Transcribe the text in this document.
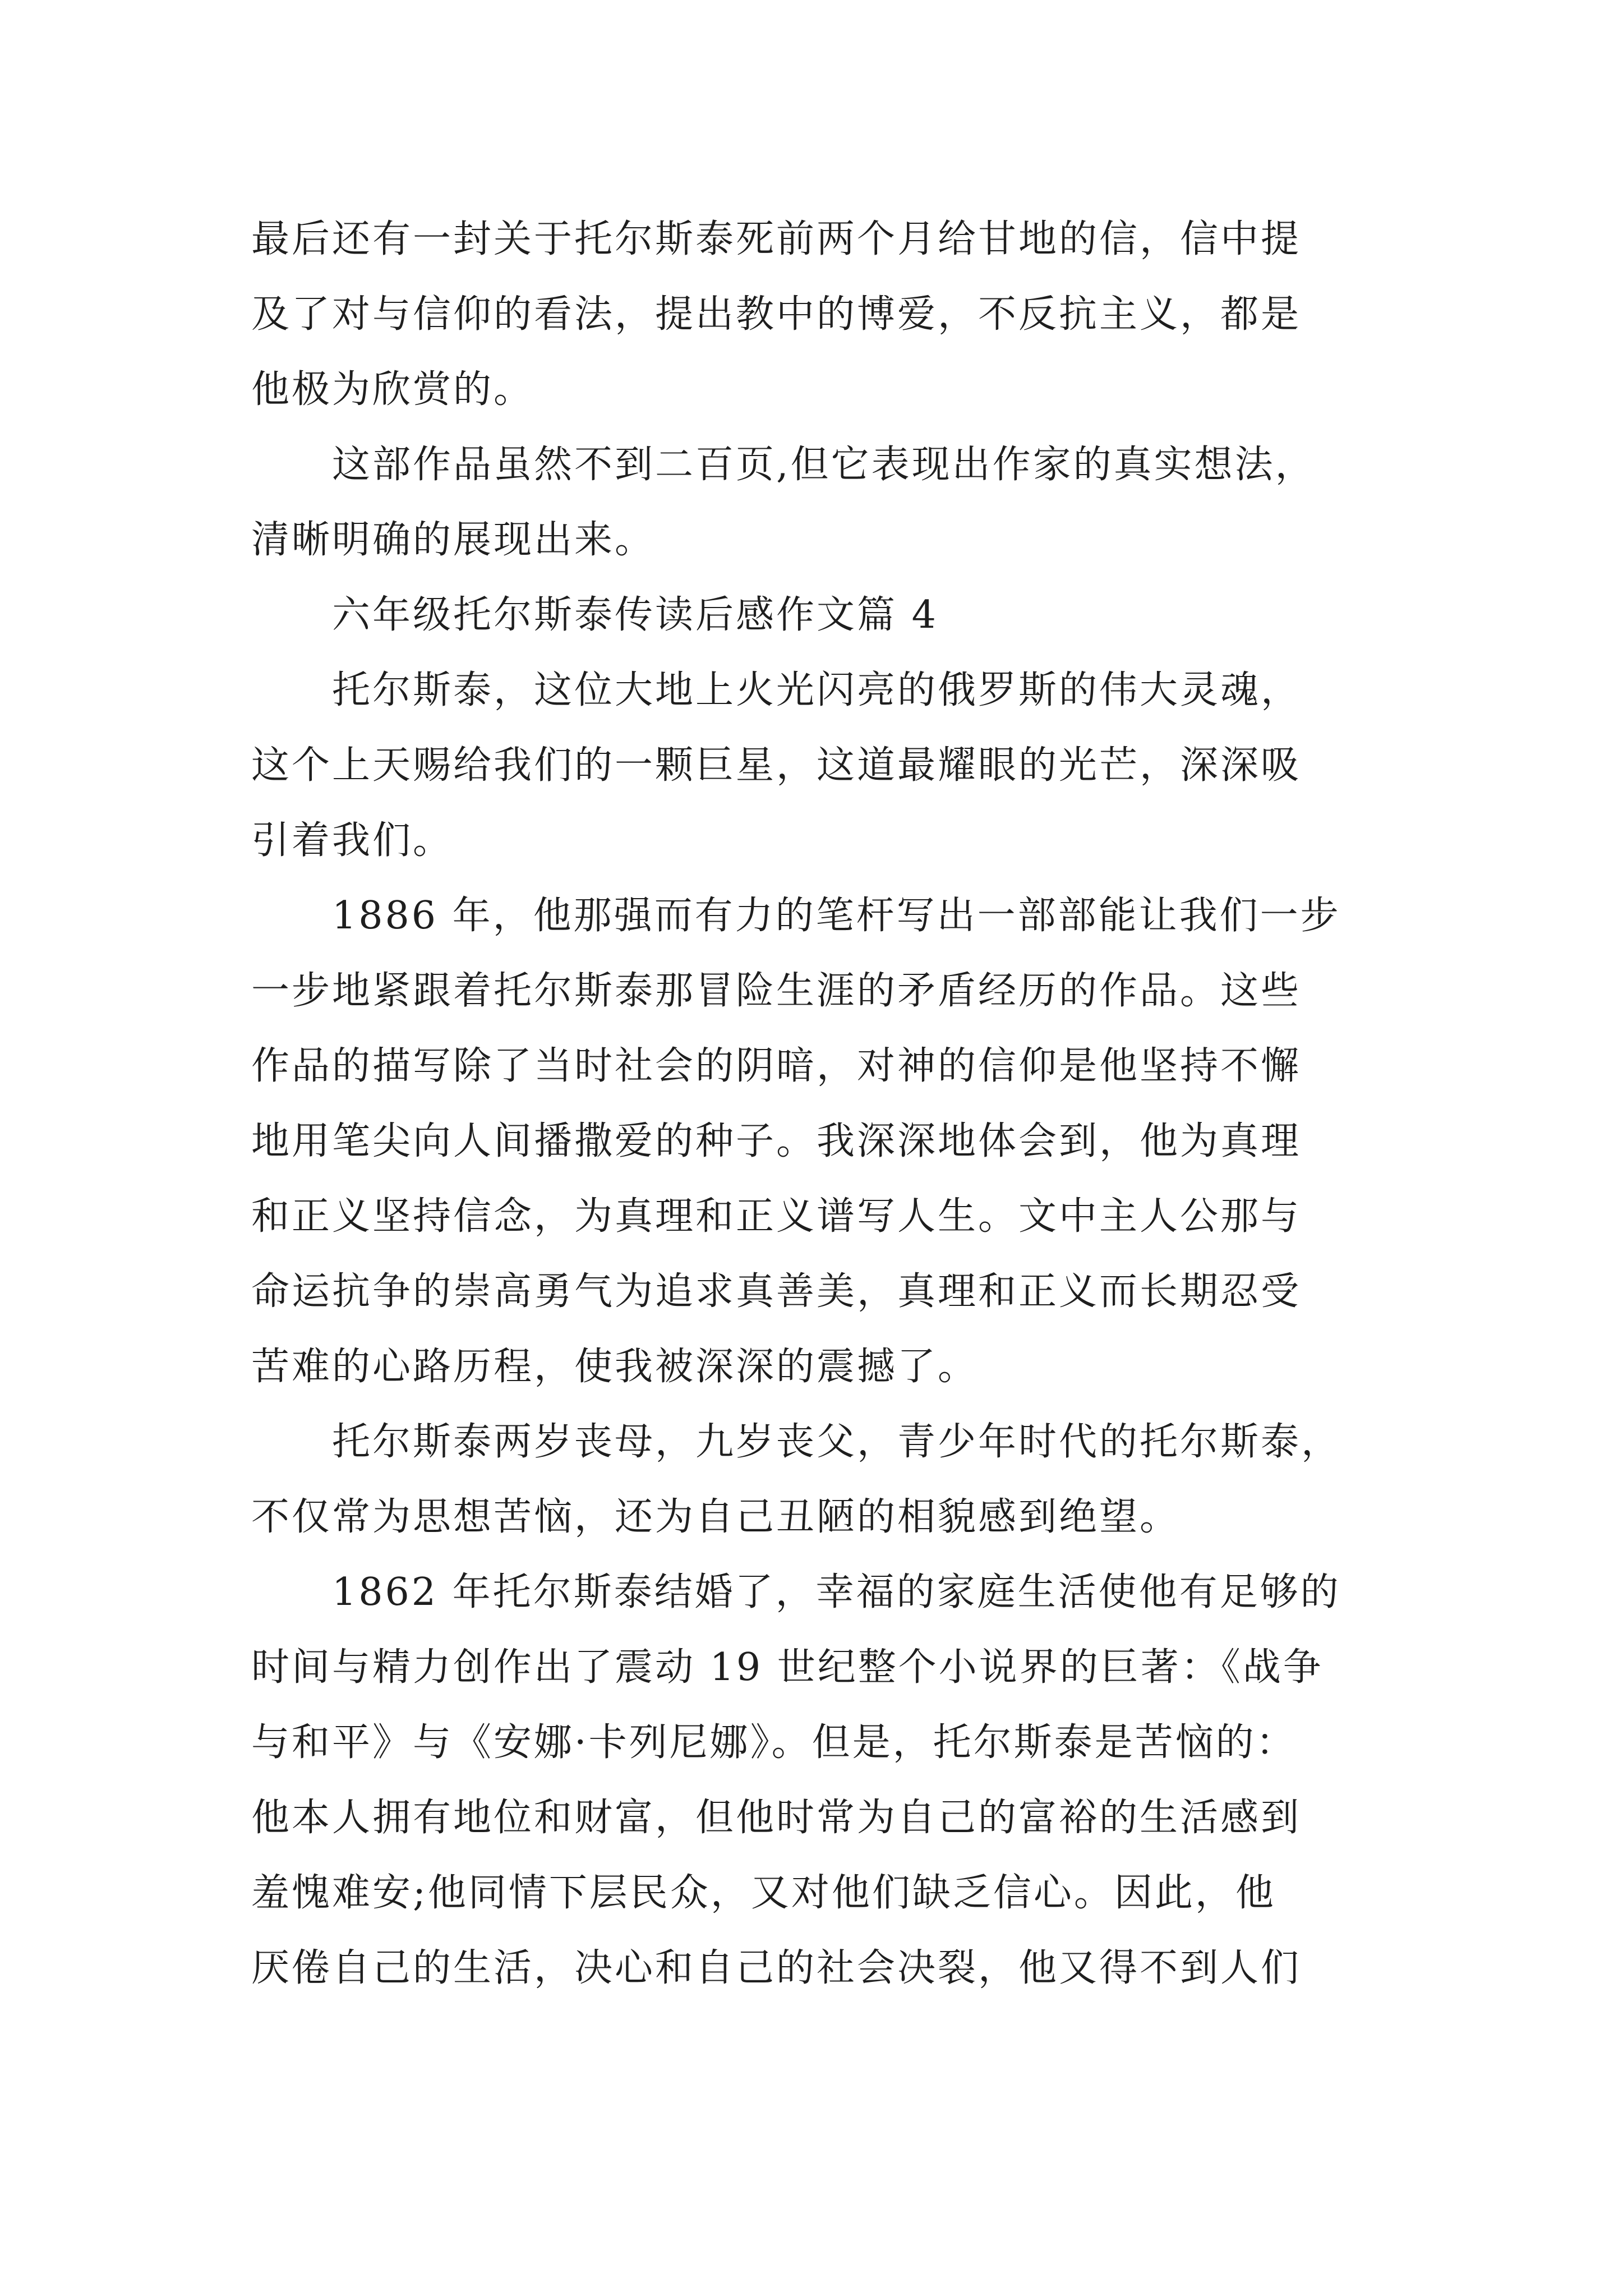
最后还有一封关于托尔斯泰死前两个月给甘地的信，信中提
及了对与信仰的看法，提出教中的博爱，不反抗主义，都是
他极为欣赏的。

这部作品虽然不到二百页,但它表现出作家的真实想法，
清晰明确的展现出来。

六年级托尔斯泰传读后感作文篇 4

托尔斯泰，这位大地上火光闪亮的俄罗斯的伟大灵魂，
这个上天赐给我们的一颗巨星，这道最耀眼的光芒，深深吸
引着我们。

1886 年，他那强而有力的笔杆写出一部部能让我们一步
一步地紧跟着托尔斯泰那冒险生涯的矛盾经历的作品。这些
作品的描写除了当时社会的阴暗，对神的信仰是他坚持不懈
地用笔尖向人间播撒爱的种子。我深深地体会到，他为真理
和正义坚持信念，为真理和正义谱写人生。文中主人公那与
命运抗争的崇高勇气为追求真善美，真理和正义而长期忍受
苦难的心路历程，使我被深深的震撼了。

托尔斯泰两岁丧母，九岁丧父，青少年时代的托尔斯泰，
不仅常为思想苦恼，还为自己丑陋的相貌感到绝望。

1862 年托尔斯泰结婚了，幸福的家庭生活使他有足够的
时间与精力创作出了震动 19 世纪整个小说界的巨著：《战争
与和平》与《安娜·卡列尼娜》。但是，托尔斯泰是苦恼的：
他本人拥有地位和财富，但他时常为自己的富裕的生活感到
羞愧难安;他同情下层民众，又对他们缺乏信心。因此，他
厌倦自己的生活，决心和自己的社会决裂，他又得不到人们
